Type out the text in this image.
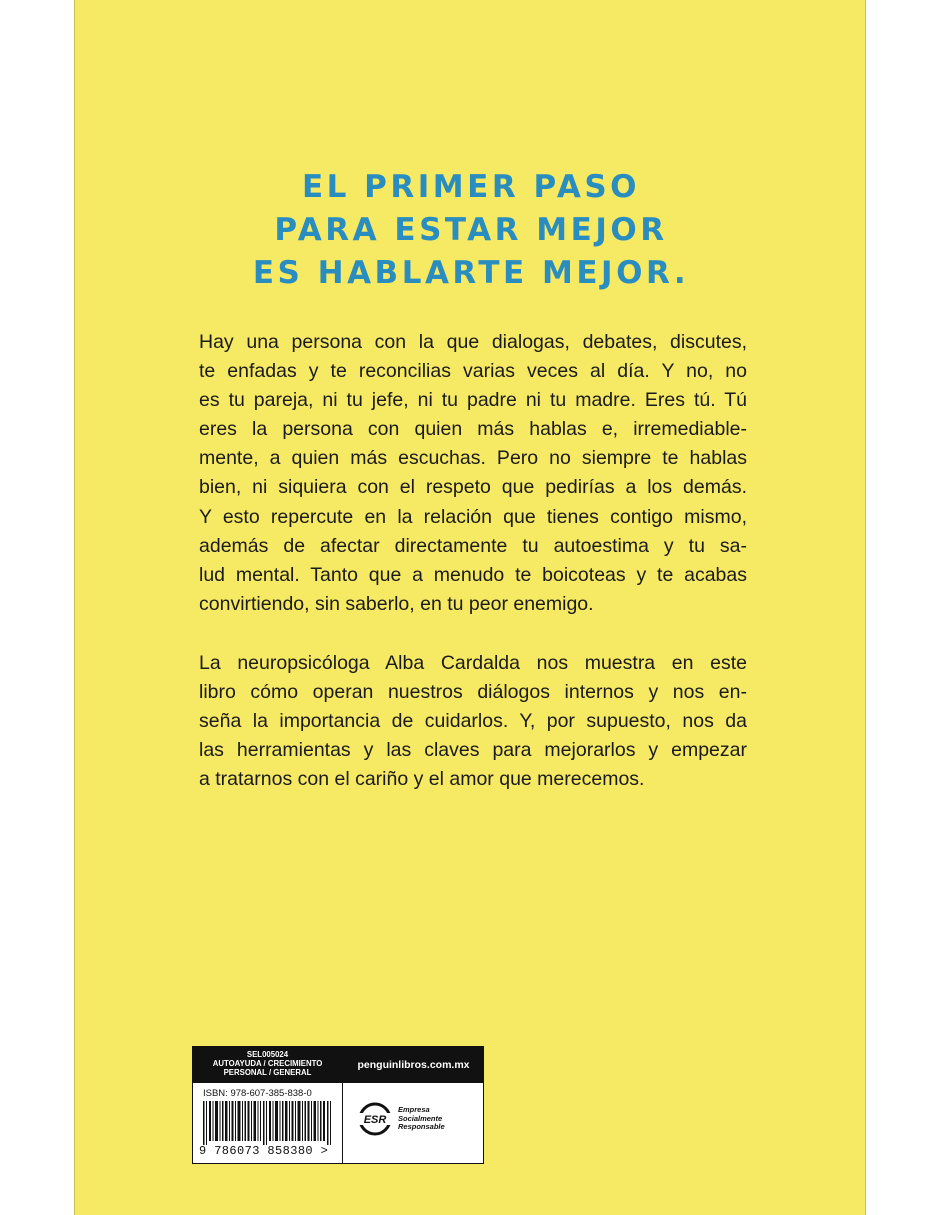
EL PRIMER PASO
PARA ESTAR MEJOR
ES HABLARTE MEJOR.

Hay una persona con la que dialogas, debates, discutes,
te enfadas y te reconcilias varias veces al día. Y no, no
es tu pareja, ni tu jefe, ni tu padre ni tu madre. Eres tú. Tú
eres la persona con quien más hablas e, irremediable-
mente, a quien más escuchas. Pero no siempre te hablas
bien, ni siquiera con el respeto que pedirías a los demás.
Y esto repercute en la relación que tienes contigo mismo,
además de afectar directamente tu autoestima y tu sa-
lud mental. Tanto que a menudo te boicoteas y te acabas
convirtiendo, sin saberlo, en tu peor enemigo.

La neuropsicóloga Alba Cardalda nos muestra en este
libro cómo operan nuestros diálogos internos y nos en-
seña la importancia de cuidarlos. Y, por supuesto, nos da
las herramientas y las claves para mejorarlos y empezar
a tratarnos con el cariño y el amor que merecemos.

SEL005024
AUTOAYUDA / CRECIMIENTO
PERSONAL / GENERAL
penguinlibros.com.mx
ISBN: 978-607-385-838-0
9 786073 858380 >
ESR
Empresa
Socialmente
Responsable
